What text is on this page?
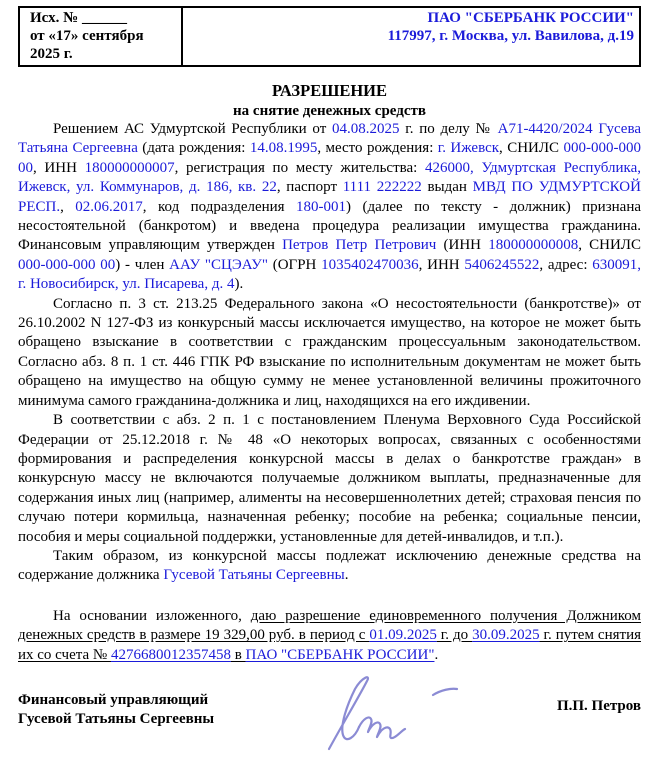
Исх. № ______
от «17» сентября 2025 г.

ПАО "СБЕРБАНК РОССИИ"
117997, г. Москва, ул. Вавилова, д.19
РАЗРЕШЕНИЕ
на снятие денежных средств

Решением АС Удмуртской Республики от 04.08.2025 г. по делу № А71-4420/2024 Гусева Татьяна Сергеевна (дата рождения: 14.08.1995, место рождения: г. Ижевск, СНИЛС 000-000-000 00, ИНН 180000000007, регистрация по месту жительства: 426000, Удмуртская Республика, Ижевск, ул. Коммунаров, д. 186, кв. 22, паспорт 1111 222222 выдан МВД ПО УДМУРТСКОЙ РЕСП., 02.06.2017, код подразделения 180-001) (далее по тексту - должник) признана несостоятельной (банкротом) и введена процедура реализации имущества гражданина. Финансовым управляющим утвержден Петров Петр Петрович (ИНН 180000000008, СНИЛС 000-000-000 00) - член ААУ "СЦЭАУ" (ОГРН 1035402470036, ИНН 5406245522, адрес: 630091, г. Новосибирск, ул. Писарева, д. 4).

Согласно п. 3 ст. 213.25 Федерального закона «О несостоятельности (банкротстве)» от 26.10.2002 N 127-ФЗ из конкурсный массы исключается имущество, на которое не может быть обращено взыскание в соответствии с гражданским процессуальным законодательством. Согласно абз. 8 п. 1 ст. 446 ГПК РФ взыскание по исполнительным документам не может быть обращено на имущество на общую сумму не менее установленной величины прожиточного минимума самого гражданина-должника и лиц, находящихся на его иждивении.

В соответствии с абз. 2 п. 1 с постановлением Пленума Верховного Суда Российской Федерации от 25.12.2018 г. № 48 «О некоторых вопросах, связанных с особенностями формирования и распределения конкурсной массы в делах о банкротстве граждан» в конкурсную массу не включаются получаемые должником выплаты, предназначенные для содержания иных лиц (например, алименты на несовершеннолетних детей; страховая пенсия по случаю потери кормильца, назначенная ребенку; пособие на ребенка; социальные пенсии, пособия и меры социальной поддержки, установленные для детей-инвалидов, и т.п.).

Таким образом, из конкурсной массы подлежат исключению денежные средства на содержание должника Гусевой Татьяны Сергеевны.

На основании изложенного, даю разрешение единовременного получения Должником денежных средств в размере 19 329,00 руб. в период с 01.09.2025 г. до 30.09.2025 г. путем снятия их со счета № 4276680012357458 в ПАО "СБЕРБАНК РОССИИ".

Финансовый управляющий
Гусевой Татьяны Сергеевны
П.П. Петров
